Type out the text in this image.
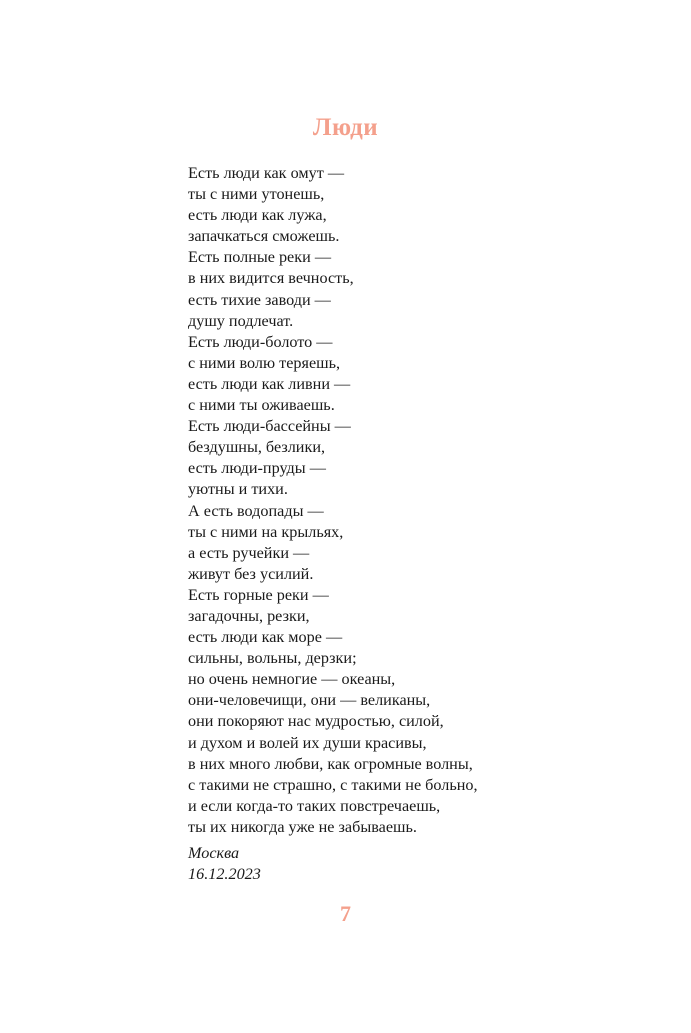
Люди
Есть люди как омут —
ты с ними утонешь,
есть люди как лужа,
запачкаться сможешь.
Есть полные реки —
в них видится вечность,
есть тихие заводи —
душу подлечат.
Есть люди-болото —
с ними волю теряешь,
есть люди как ливни —
с ними ты оживаешь.
Есть люди-бассейны —
бездушны, безлики,
есть люди-пруды —
уютны и тихи.
А есть водопады —
ты с ними на крыльях,
а есть ручейки —
живут без усилий.
Есть горные реки —
загадочны, резки,
есть люди как море —
сильны, вольны, дерзки;
но очень немногие — океаны,
они-человечищи, они — великаны,
они покоряют нас мудростью, силой,
и духом и волей их души красивы,
в них много любви, как огромные волны,
с такими не страшно, с такими не больно,
и если когда-то таких повстречаешь,
ты их никогда уже не забываешь.
Москва
16.12.2023
7
